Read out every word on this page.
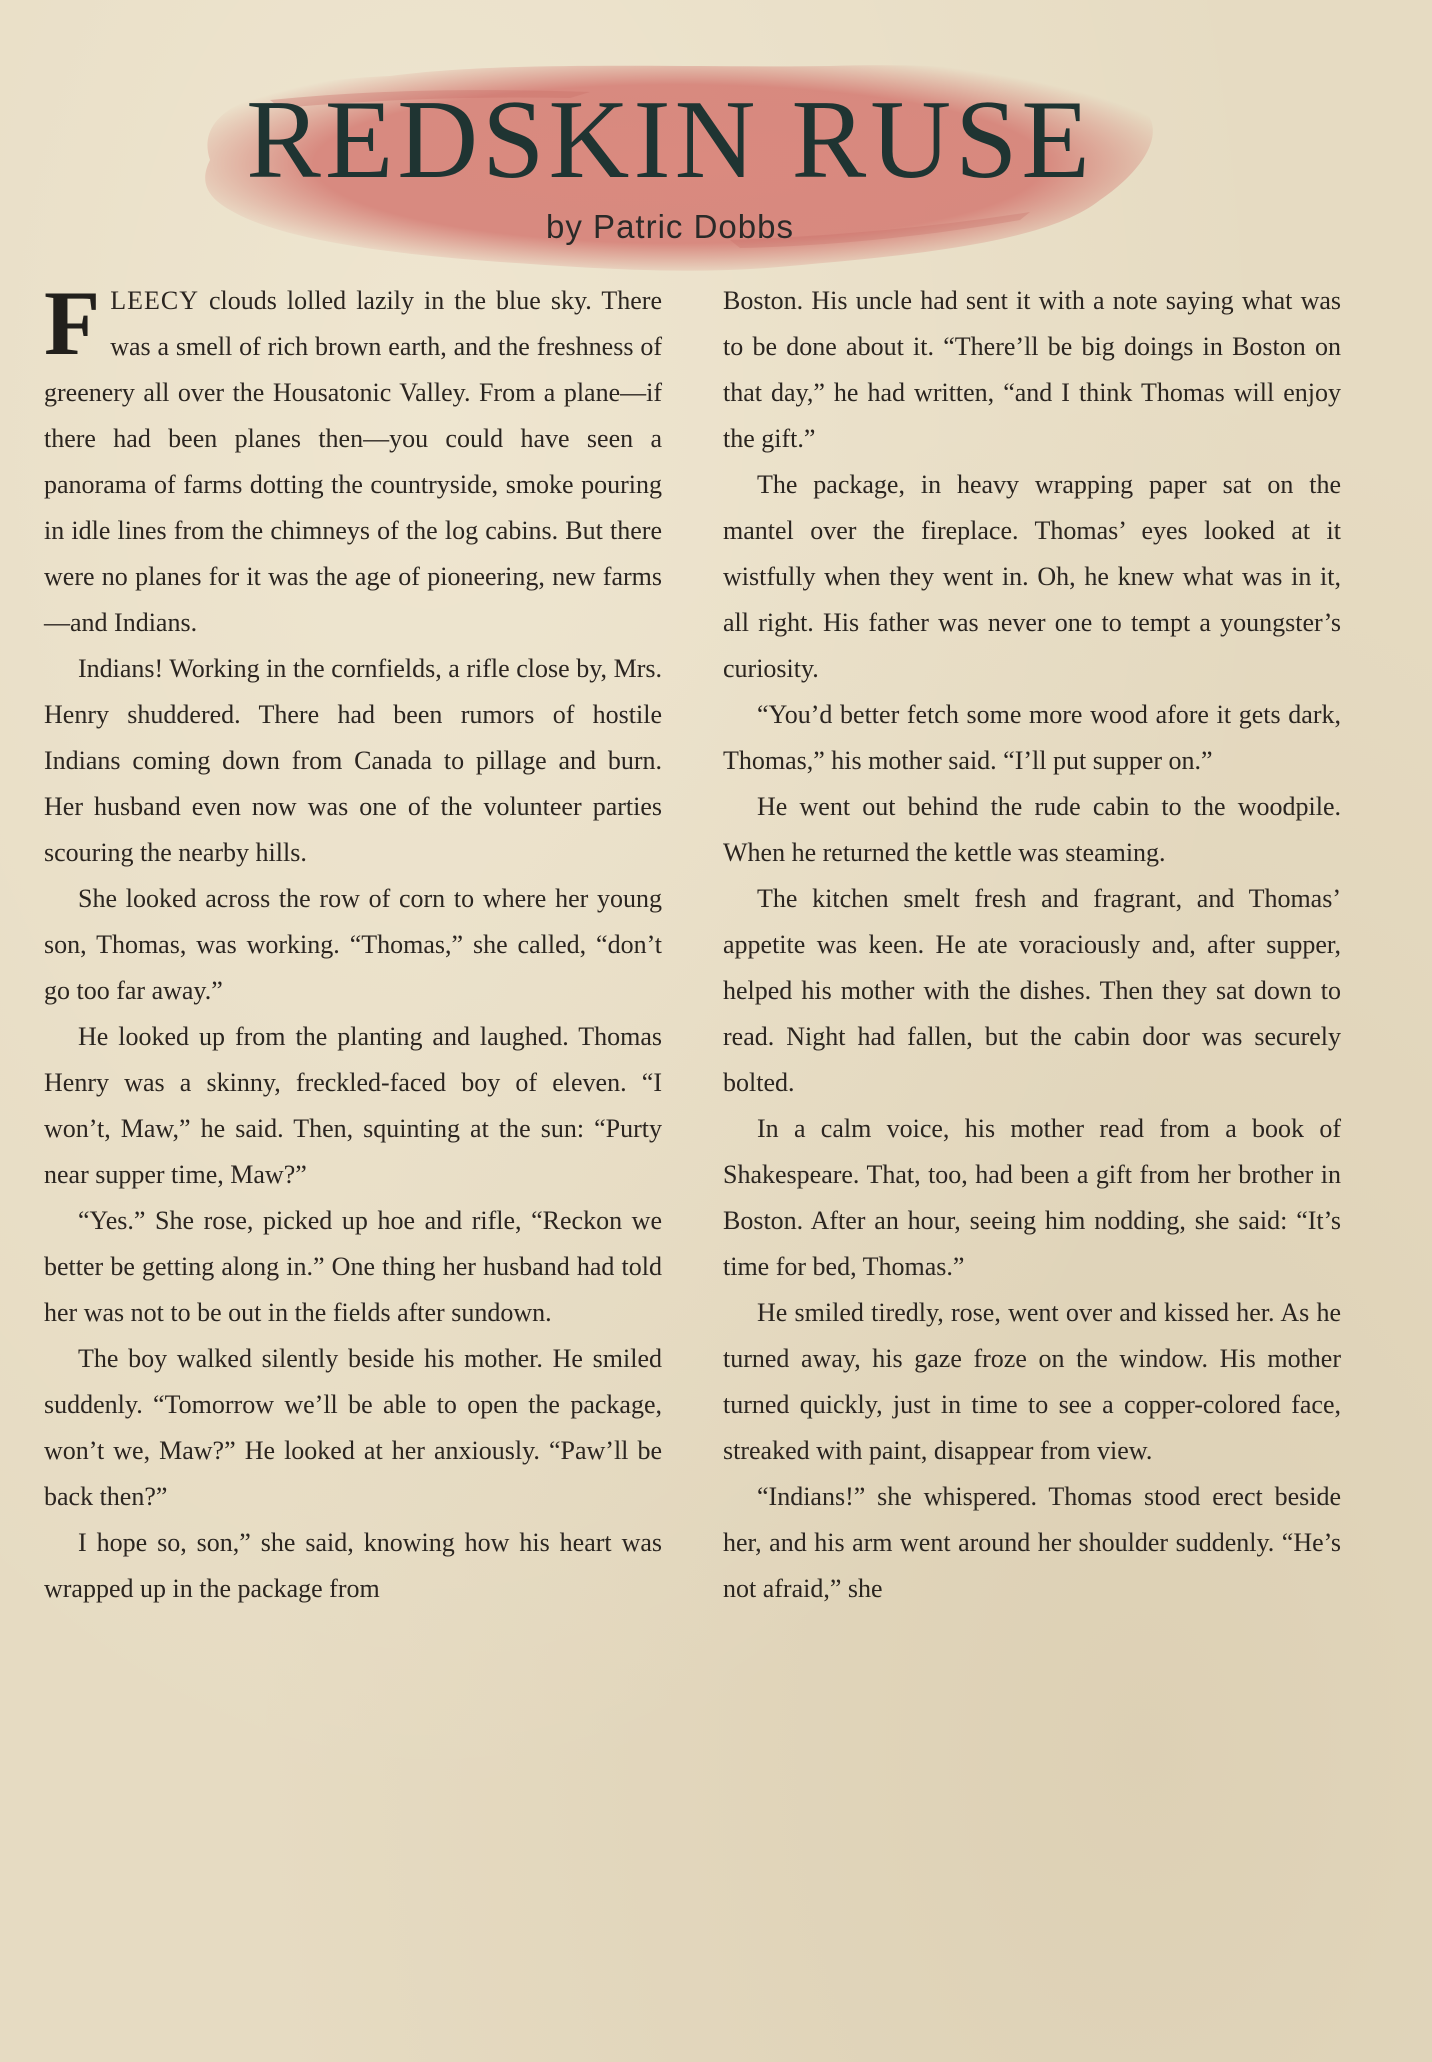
REDSKIN RUSE
by Patric Dobbs

FLEECY clouds lolled lazily in the blue sky. There was a smell of rich brown earth, and the freshness of greenery all over the Housatonic Valley. From a plane—if there had been planes then—you could have seen a panorama of farms dotting the countryside, smoke pouring in idle lines from the chimneys of the log cabins. But there were no planes for it was the age of pioneering, new farms—and Indians.

Indians! Working in the cornfields, a rifle close by, Mrs. Henry shuddered. There had been rumors of hostile Indians coming down from Canada to pillage and burn. Her husband even now was one of the volunteer parties scouring the nearby hills.

She looked across the row of corn to where her young son, Thomas, was working. “Thomas,” she called, “don’t go too far away.”

He looked up from the planting and laughed. Thomas Henry was a skinny, freckled-faced boy of eleven. “I won’t, Maw,” he said. Then, squinting at the sun: “Purty near supper time, Maw?”

“Yes.” She rose, picked up hoe and rifle, “Reckon we better be getting along in.” One thing her husband had told her was not to be out in the fields after sundown.

The boy walked silently beside his mother. He smiled suddenly. “Tomorrow we’ll be able to open the package, won’t we, Maw?” He looked at her anxiously. “Paw’ll be back then?”

I hope so, son,” she said, knowing how his heart was wrapped up in the package from

Boston. His uncle had sent it with a note saying what was to be done about it. “There’ll be big doings in Boston on that day,” he had written, “and I think Thomas will enjoy the gift.”

The package, in heavy wrapping paper sat on the mantel over the fireplace. Thomas’ eyes looked at it wistfully when they went in. Oh, he knew what was in it, all right. His father was never one to tempt a youngster’s curiosity.

“You’d better fetch some more wood afore it gets dark, Thomas,” his mother said. “I’ll put supper on.”

He went out behind the rude cabin to the woodpile. When he returned the kettle was steaming.

The kitchen smelt fresh and fragrant, and Thomas’ appetite was keen. He ate voraciously and, after supper, helped his mother with the dishes. Then they sat down to read. Night had fallen, but the cabin door was securely bolted.

In a calm voice, his mother read from a book of Shakespeare. That, too, had been a gift from her brother in Boston. After an hour, seeing him nodding, she said: “It’s time for bed, Thomas.”

He smiled tiredly, rose, went over and kissed her. As he turned away, his gaze froze on the window. His mother turned quickly, just in time to see a copper-colored face, streaked with paint, disappear from view.

“Indians!” she whispered. Thomas stood erect beside her, and his arm went around her shoulder suddenly. “He’s not afraid,” she
